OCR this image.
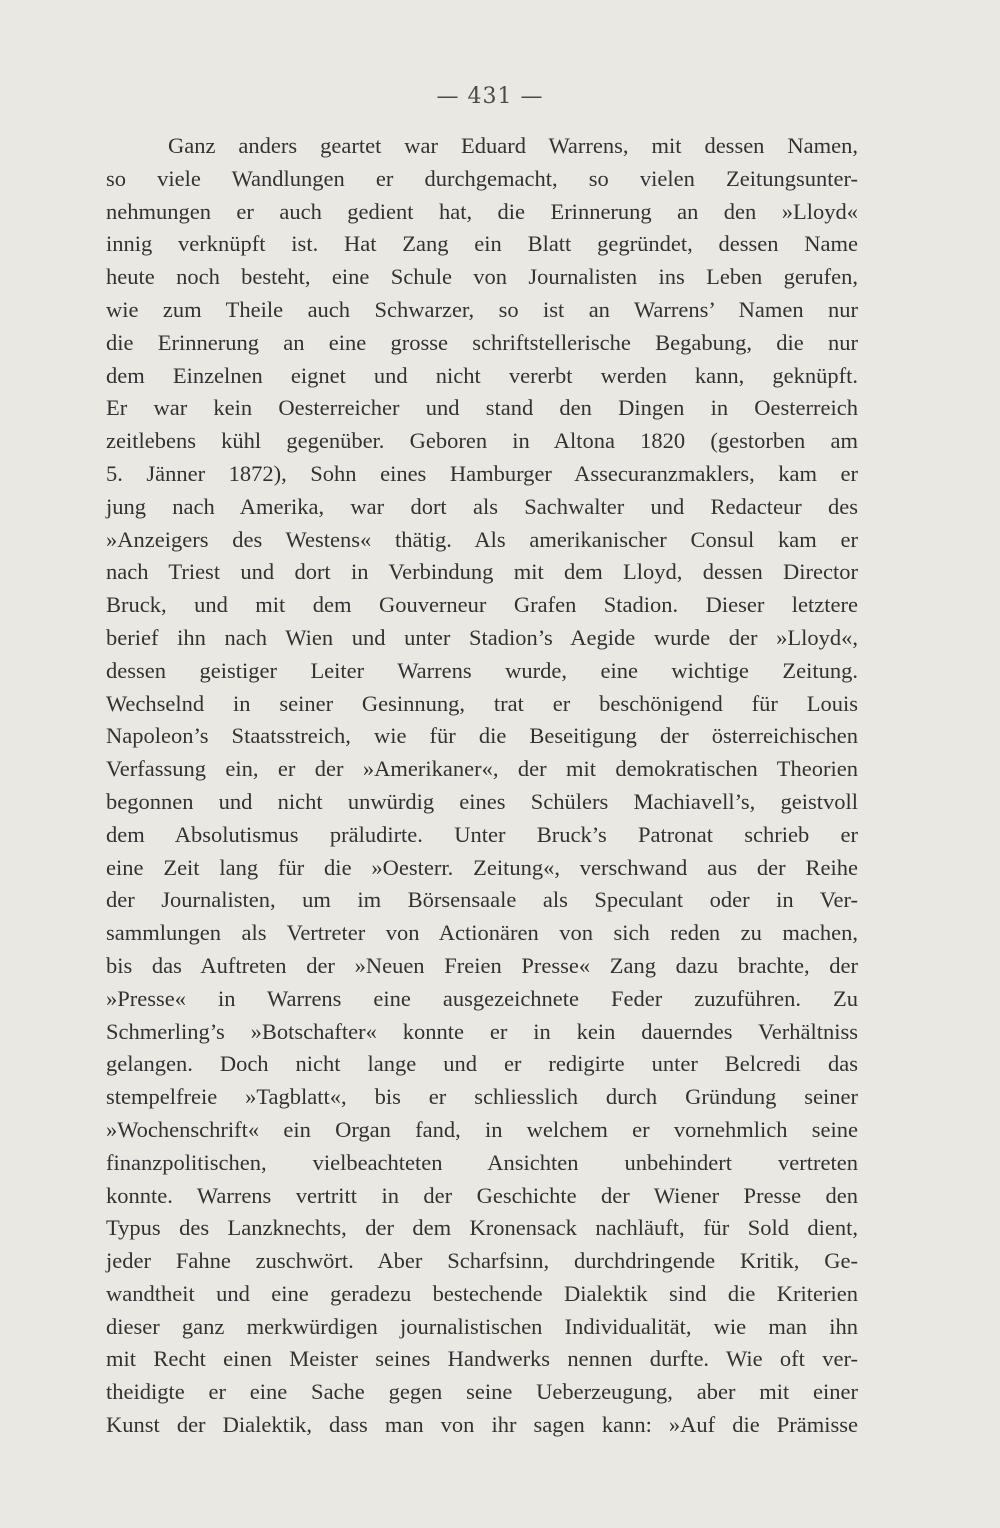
— 431 —
Ganz anders geartet war Eduard Warrens, mit dessen Namen,
so viele Wandlungen er durchgemacht, so vielen Zeitungsunter-
nehmungen er auch gedient hat, die Erinnerung an den »Lloyd«
innig verknüpft ist. Hat Zang ein Blatt gegründet, dessen Name
heute noch besteht, eine Schule von Journalisten ins Leben gerufen,
wie zum Theile auch Schwarzer, so ist an Warrens’ Namen nur
die Erinnerung an eine grosse schriftstellerische Begabung, die nur
dem Einzelnen eignet und nicht vererbt werden kann, geknüpft.
Er war kein Oesterreicher und stand den Dingen in Oesterreich
zeitlebens kühl gegenüber. Geboren in Altona 1820 (gestorben am
5. Jänner 1872), Sohn eines Hamburger Assecuranzmaklers, kam er
jung nach Amerika, war dort als Sachwalter und Redacteur des
»Anzeigers des Westens« thätig. Als amerikanischer Consul kam er
nach Triest und dort in Verbindung mit dem Lloyd, dessen Director
Bruck, und mit dem Gouverneur Grafen Stadion. Dieser letztere
berief ihn nach Wien und unter Stadion’s Aegide wurde der »Lloyd«,
dessen geistiger Leiter Warrens wurde, eine wichtige Zeitung.
Wechselnd in seiner Gesinnung, trat er beschönigend für Louis
Napoleon’s Staatsstreich, wie für die Beseitigung der österreichischen
Verfassung ein, er der »Amerikaner«, der mit demokratischen Theorien
begonnen und nicht unwürdig eines Schülers Machiavell’s, geistvoll
dem Absolutismus präludirte. Unter Bruck’s Patronat schrieb er
eine Zeit lang für die »Oesterr. Zeitung«, verschwand aus der Reihe
der Journalisten, um im Börsensaale als Speculant oder in Ver-
sammlungen als Vertreter von Actionären von sich reden zu machen,
bis das Auftreten der »Neuen Freien Presse« Zang dazu brachte, der
»Presse« in Warrens eine ausgezeichnete Feder zuzuführen. Zu
Schmerling’s »Botschafter« konnte er in kein dauerndes Verhältniss
gelangen. Doch nicht lange und er redigirte unter Belcredi das
stempelfreie »Tagblatt«, bis er schliesslich durch Gründung seiner
»Wochenschrift« ein Organ fand, in welchem er vornehmlich seine
finanzpolitischen, vielbeachteten Ansichten unbehindert vertreten
konnte. Warrens vertritt in der Geschichte der Wiener Presse den
Typus des Lanzknechts, der dem Kronensack nachläuft, für Sold dient,
jeder Fahne zuschwört. Aber Scharfsinn, durchdringende Kritik, Ge-
wandtheit und eine geradezu bestechende Dialektik sind die Kriterien
dieser ganz merkwürdigen journalistischen Individualität, wie man ihn
mit Recht einen Meister seines Handwerks nennen durfte. Wie oft ver-
theidigte er eine Sache gegen seine Ueberzeugung, aber mit einer
Kunst der Dialektik, dass man von ihr sagen kann: »Auf die Prämisse
